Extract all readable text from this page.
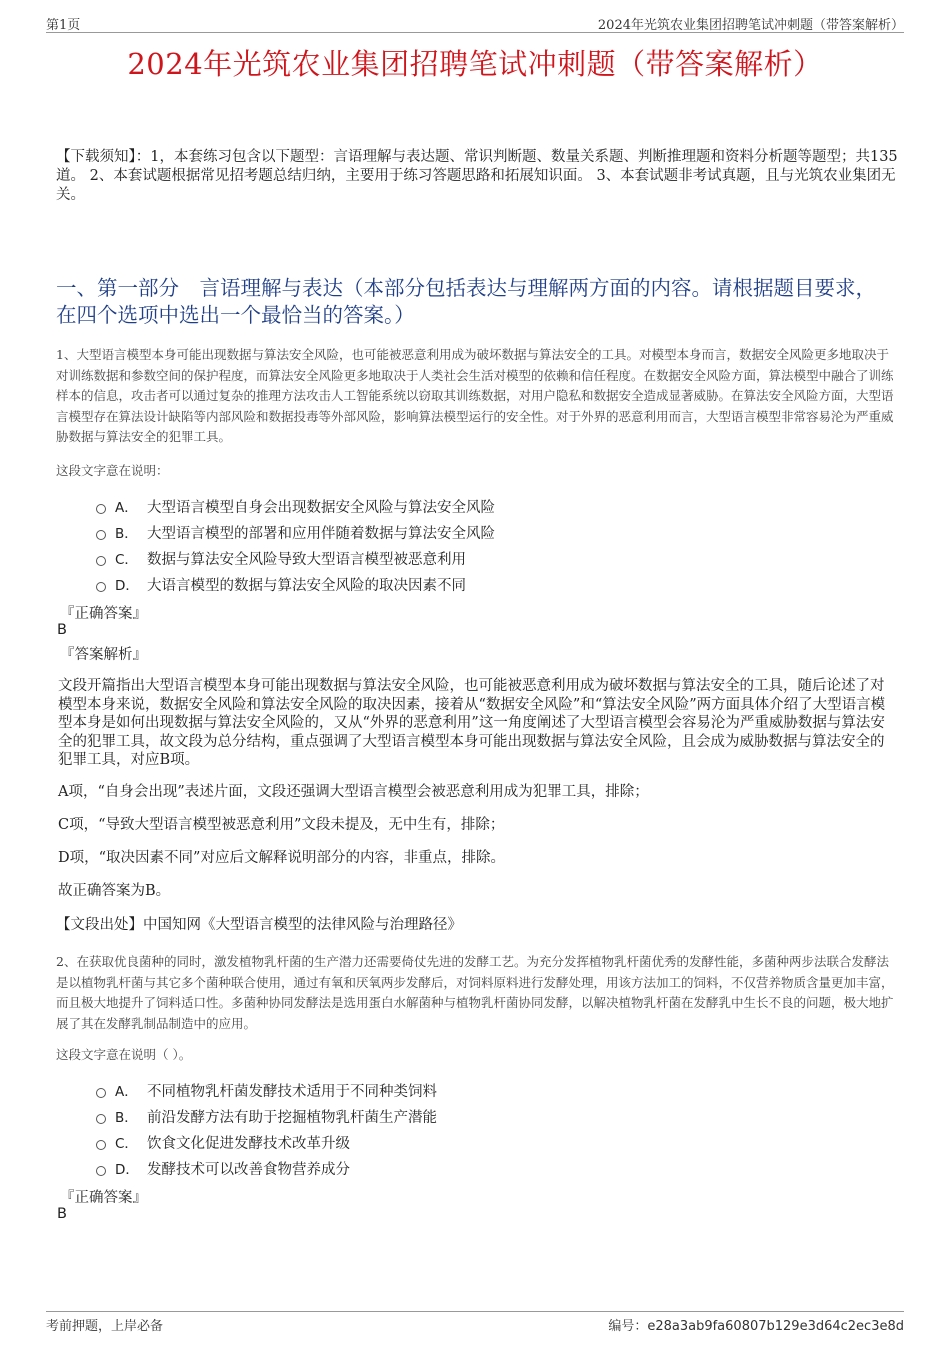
第1页	2024年光筑农业集团招聘笔试冲刺题（带答案解析）
2024年光筑农业集团招聘笔试冲刺题（带答案解析）
【下载须知】：1，本套练习包含以下题型：言语理解与表达题、常识判断题、数量关系题、判断推理题和资料分析题等题型；共135道。 2、本套试题根据常见招考题总结归纳，主要用于练习答题思路和拓展知识面。 3、本套试题非考试真题，且与光筑农业集团无关。
一、第一部分　言语理解与表达（本部分包括表达与理解两方面的内容。请根据题目要求，在四个选项中选出一个最恰当的答案。）
1、大型语言模型本身可能出现数据与算法安全风险，也可能被恶意利用成为破坏数据与算法安全的工具。对模型本身而言，数据安全风险更多地取决于对训练数据和参数空间的保护程度，而算法安全风险更多地取决于人类社会生活对模型的依赖和信任程度。在数据安全风险方面，算法模型中融合了训练样本的信息，攻击者可以通过复杂的推理方法攻击人工智能系统以窃取其训练数据，对用户隐私和数据安全造成显著威胁。在算法安全风险方面，大型语言模型存在算法设计缺陷等内部风险和数据投毒等外部风险，影响算法模型运行的安全性。对于外界的恶意利用而言，大型语言模型非常容易沦为严重威胁数据与算法安全的犯罪工具。
这段文字意在说明：
A． 大型语言模型自身会出现数据安全风险与算法安全风险
B． 大型语言模型的部署和应用伴随着数据与算法安全风险
C． 数据与算法安全风险导致大型语言模型被恶意利用
D． 大语言模型的数据与算法安全风险的取决因素不同
『正确答案』
B
『答案解析』
文段开篇指出大型语言模型本身可能出现数据与算法安全风险，也可能被恶意利用成为破坏数据与算法安全的工具，随后论述了对模型本身来说，数据安全风险和算法安全风险的取决因素，接着从“数据安全风险”和“算法安全风险”两方面具体介绍了大型语言模型本身是如何出现数据与算法安全风险的，又从“外界的恶意利用”这一角度阐述了大型语言模型会容易沦为严重威胁数据与算法安全的犯罪工具，故文段为总分结构，重点强调了大型语言模型本身可能出现数据与算法安全风险，且会成为威胁数据与算法安全的犯罪工具，对应B项。
A项，“自身会出现”表述片面，文段还强调大型语言模型会被恶意利用成为犯罪工具，排除；
C项，“导致大型语言模型被恶意利用”文段未提及，无中生有，排除；
D项，“取决因素不同”对应后文解释说明部分的内容，非重点，排除。
故正确答案为B。
【文段出处】中国知网《大型语言模型的法律风险与治理路径》
2、在获取优良菌种的同时，激发植物乳杆菌的生产潜力还需要倚仗先进的发酵工艺。为充分发挥植物乳杆菌优秀的发酵性能，多菌种两步法联合发酵法是以植物乳杆菌与其它多个菌种联合使用，通过有氧和厌氧两步发酵后，对饲料原料进行发酵处理，用该方法加工的饲料，不仅营养物质含量更加丰富，而且极大地提升了饲料适口性。多菌种协同发酵法是选用蛋白水解菌种与植物乳杆菌协同发酵，以解决植物乳杆菌在发酵乳中生长不良的问题，极大地扩展了其在发酵乳制品制造中的应用。
这段文字意在说明（ ）。
A． 不同植物乳杆菌发酵技术适用于不同种类饲料
B． 前沿发酵方法有助于挖掘植物乳杆菌生产潜能
C． 饮食文化促进发酵技术改革升级
D． 发酵技术可以改善食物营养成分
『正确答案』
B
考前押题，上岸必备	编号：e28a3ab9fa60807b129e3d64c2ec3e8d
